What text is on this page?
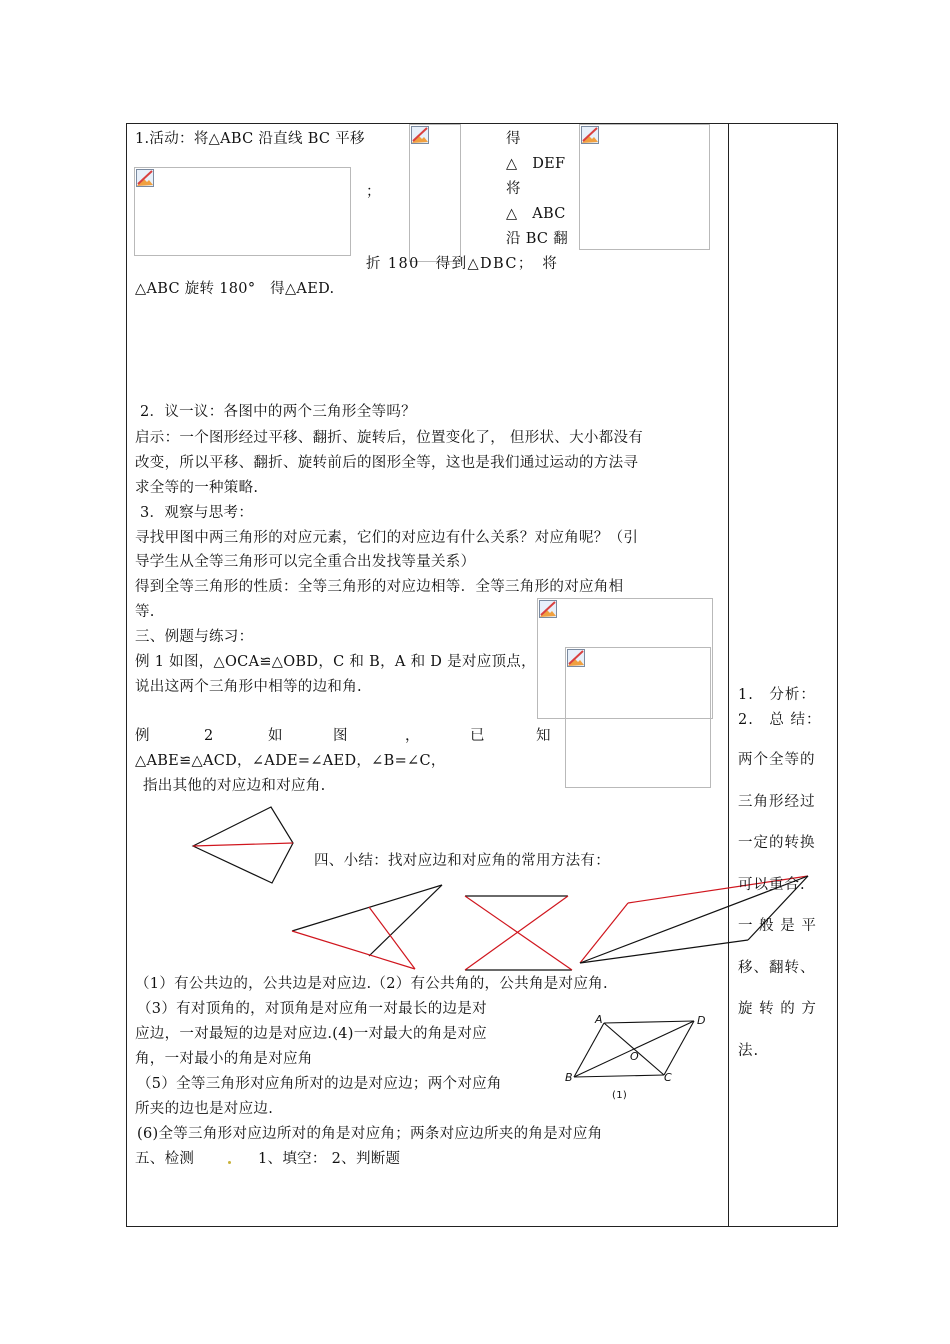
1.活动：将△ABC 沿直线 BC 平移
；
得
△　DEF
将
△　ABC
沿 BC 翻
折 180　得到△DBC；　将
△ABC 旋转 180°　得△AED.
2．议一议：各图中的两个三角形全等吗？
启示：一个图形经过平移、翻折、旋转后，位置变化了， 但形状、大小都没有
改变，所以平移、翻折、旋转前后的图形全等，这也是我们通过运动的方法寻
求全等的一种策略.
3．观察与思考：
寻找甲图中两三角形的对应元素，它们的对应边有什么关系？对应角呢？（引
导学生从全等三角形可以完全重合出发找等量关系）
得到全等三角形的性质：全等三角形的对应边相等．全等三角形的对应角相
等.
三、例题与练习：
例 1 如图，△OCA≌△OBD，C 和 B，A 和 D 是对应顶点，
说出这两个三角形中相等的边和角.
例	2	如	图	，	已	知
△ABE≌△ACD，∠ADE=∠AED，∠B=∠C，
指出其他的对应边和对应角.
四、小结：找对应边和对应角的常用方法有：
（1）有公共边的，公共边是对应边.（2）有公共角的，公共角是对应角.
（3）有对顶角的，对顶角是对应角一对最长的边是对
应边，一对最短的边是对应边.(4)一对最大的角是对应
角，一对最小的角是对应角
（5）全等三角形对应角所对的边是对应边；两个对应角
所夹的边也是对应边.
(6)全等三角形对应边所对的角是对应角；两条对应边所夹的角是对应角
五、检测	1、填空： 2、判断题
A	D
O
B	C
(1)
1.　分析：
2.　总 结：
两个全等的
三角形经过
一定的转换
可以重合.
一 般 是 平
移、翻转、
旋 转 的 方
法.
